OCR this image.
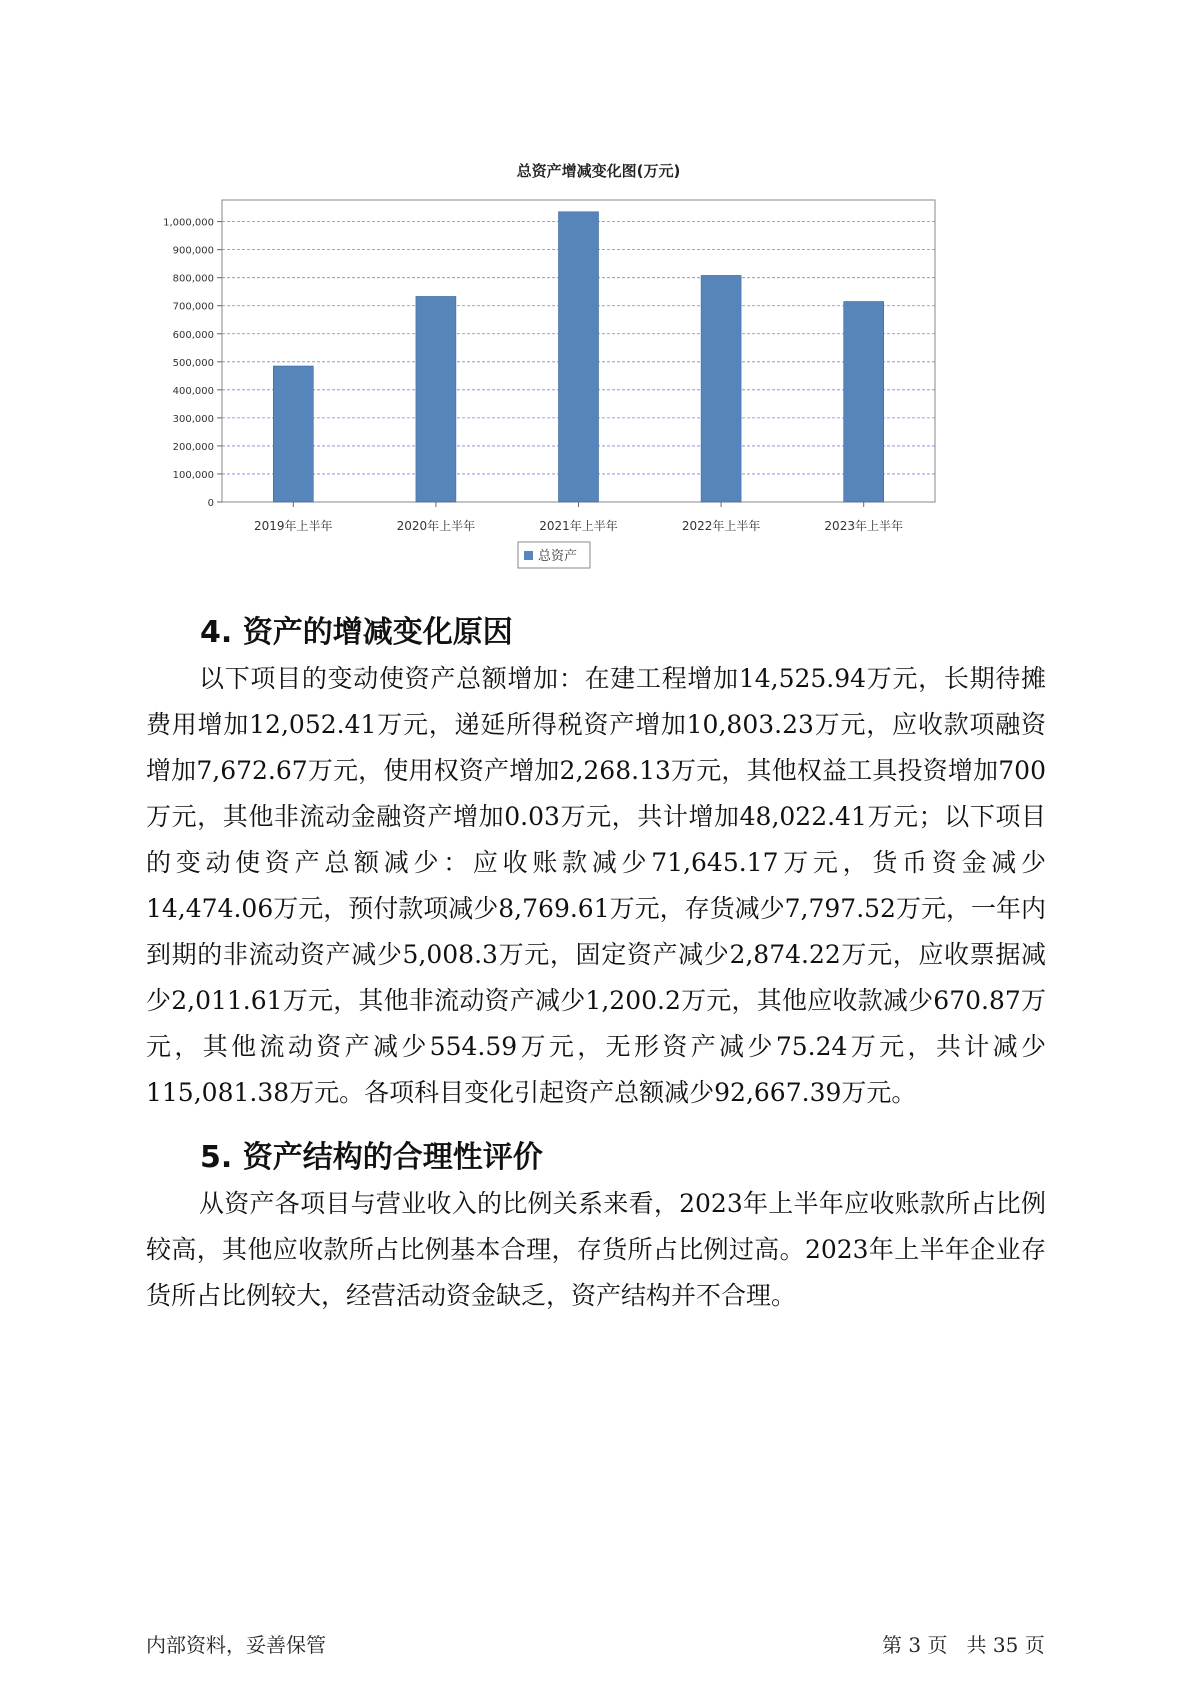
总资产增减变化图(万元)
0
100,000
200,000
300,000
400,000
500,000
600,000
700,000
800,000
900,000
1,000,000
2019年上半年	2020年上半年	2021年上半年	2022年上半年	2023年上半年
总资产
4. 资产的增减变化原因

以下项目的变动使资产总额增加：在建工程增加14,525.94万元，长期待摊费用增加12,052.41万元，递延所得税资产增加10,803.23万元，应收款项融资增加7,672.67万元，使用权资产增加2,268.13万元，其他权益工具投资增加700万元，其他非流动金融资产增加0.03万元，共计增加48,022.41万元；以下项目的变动使资产总额减少：应收账款减少71,645.17万元，货币资金减少14,474.06万元，预付款项减少8,769.61万元，存货减少7,797.52万元，一年内到期的非流动资产减少5,008.3万元，固定资产减少2,874.22万元，应收票据减少2,011.61万元，其他非流动资产减少1,200.2万元，其他应收款减少670.87万元，其他流动资产减少554.59万元，无形资产减少75.24万元，共计减少115,081.38万元。各项科目变化引起资产总额减少92,667.39万元。

5. 资产结构的合理性评价

从资产各项目与营业收入的比例关系来看，2023年上半年应收账款所占比例较高，其他应收款所占比例基本合理，存货所占比例过高。2023年上半年企业存货所占比例较大，经营活动资金缺乏，资产结构并不合理。

内部资料，妥善保管	第 3 页 共 35 页
